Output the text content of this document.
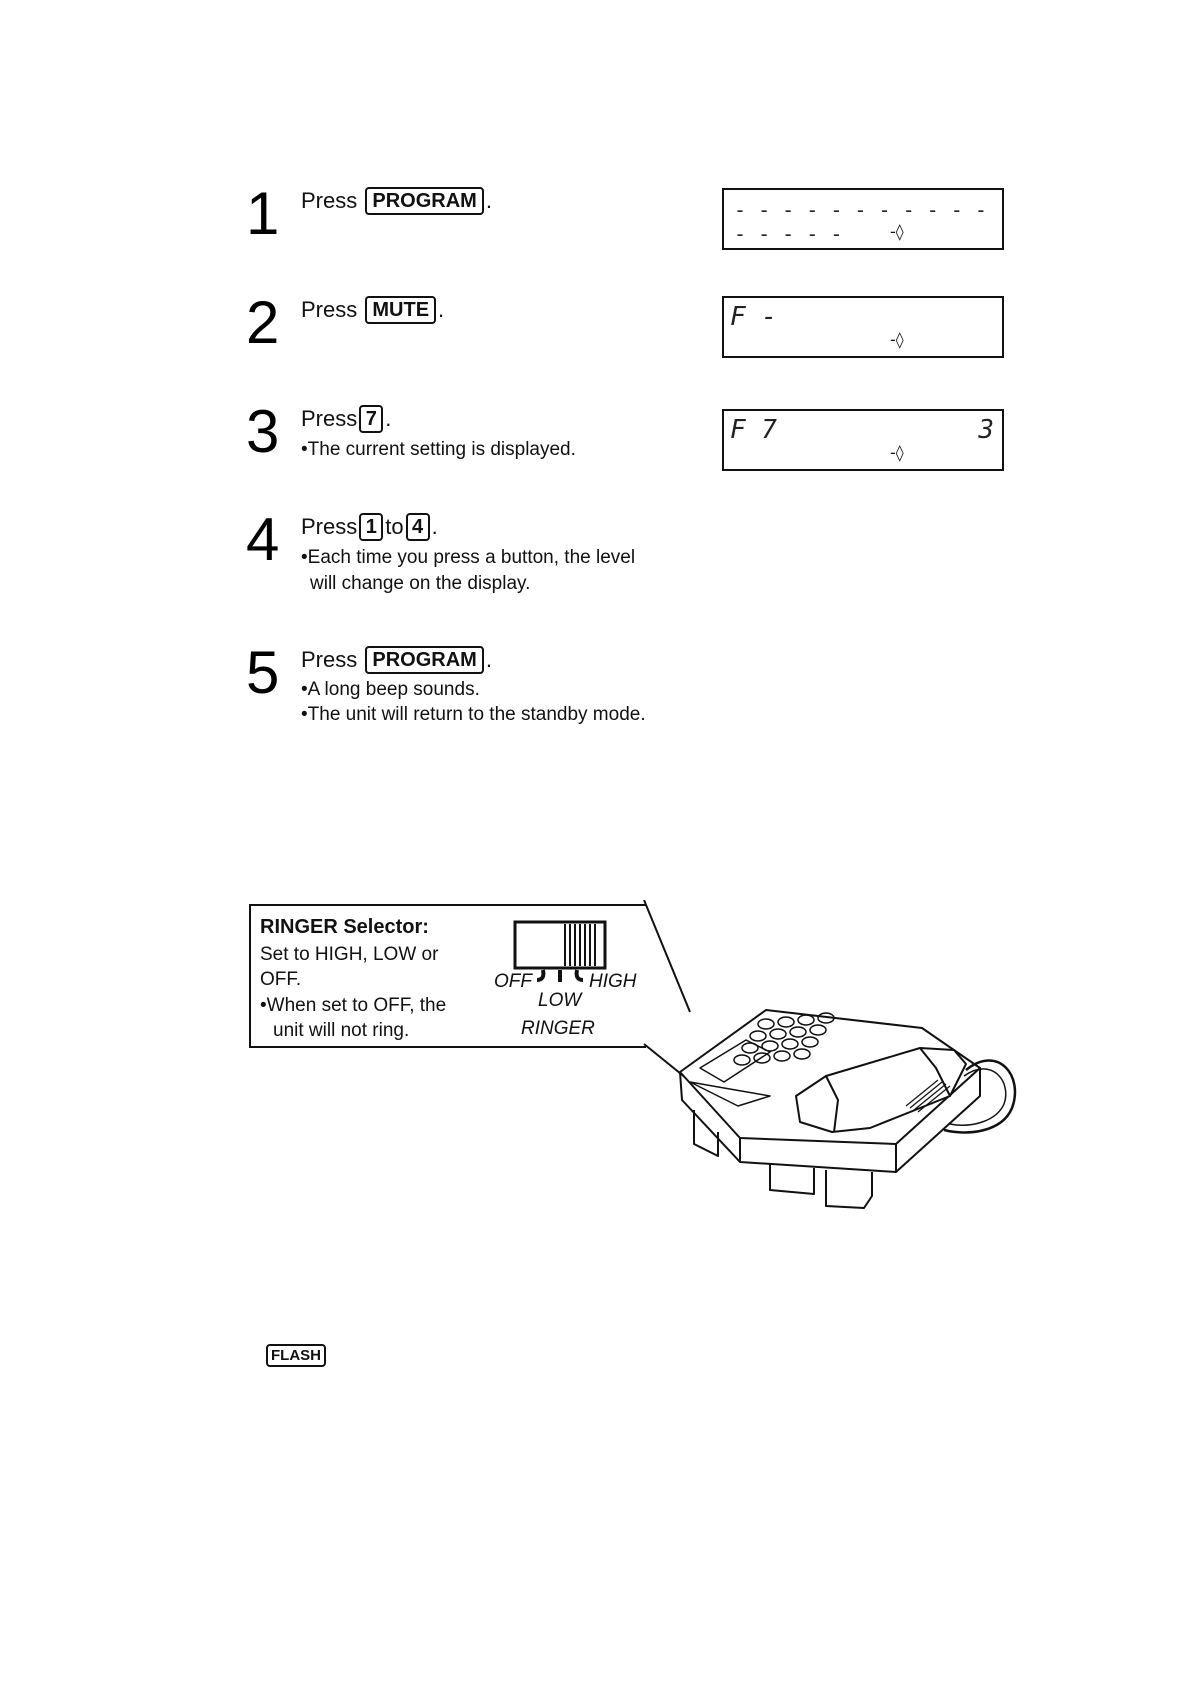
1 Press PROGRAM .
2 Press MUTE .
3 Press 7 .
•The current setting is displayed.
4 Press 1 to 4 .
•Each time you press a button, the level
will change on the display.
5 Press PROGRAM .
•A long beep sounds.
•The unit will return to the standby mode.
- - - - - - - - - - - - - - - -	-◊
F -
-◊
F 7	3
-◊
RINGER Selector:
Set to HIGH, LOW or
OFF.
•When set to OFF, the
unit will not ring.
OFF	HIGH
LOW
RINGER
FLASH
